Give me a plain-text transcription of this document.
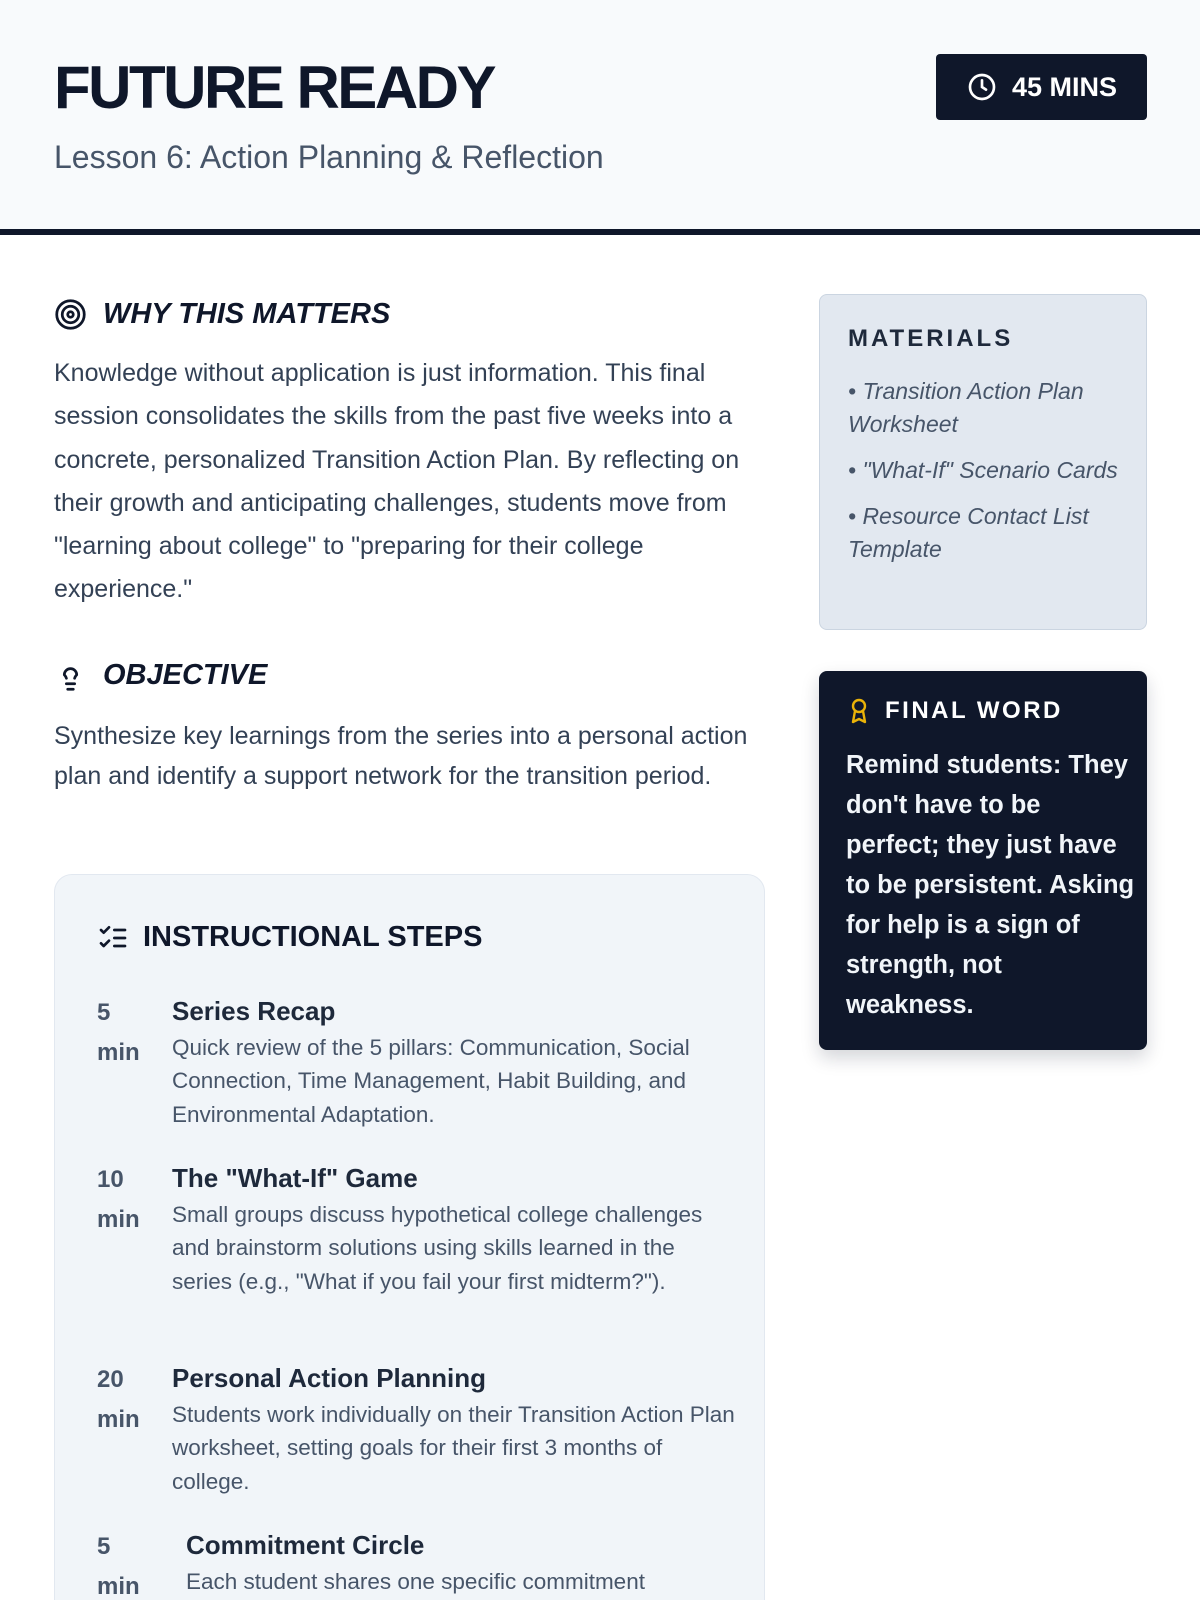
FUTURE READY
Lesson 6: Action Planning & Reflection
45 MINS
WHY THIS MATTERS

Knowledge without application is just information. This final session consolidates the skills from the past five weeks into a concrete, personalized Transition Action Plan. By reflecting on their growth and anticipating challenges, students move from "learning about college" to "preparing for their college experience."

OBJECTIVE

Synthesize key learnings from the series into a personal action plan and identify a support network for the transition period.

INSTRUCTIONAL STEPS
5 min
Series Recap
Quick review of the 5 pillars: Communication, Social Connection, Time Management, Habit Building, and Environmental Adaptation.
10 min
The "What-If" Game
Small groups discuss hypothetical college challenges and brainstorm solutions using skills learned in the series (e.g., "What if you fail your first midterm?").
20 min
Personal Action Planning
Students work individually on their Transition Action Plan worksheet, setting goals for their first 3 months of college.
5 min
Commitment Circle
Each student shares one specific commitment
MATERIALS
• Transition Action Plan Worksheet
• "What-If" Scenario Cards
• Resource Contact List Template
FINAL WORD

Remind students: They don't have to be perfect; they just have to be persistent. Asking for help is a sign of strength, not weakness.
